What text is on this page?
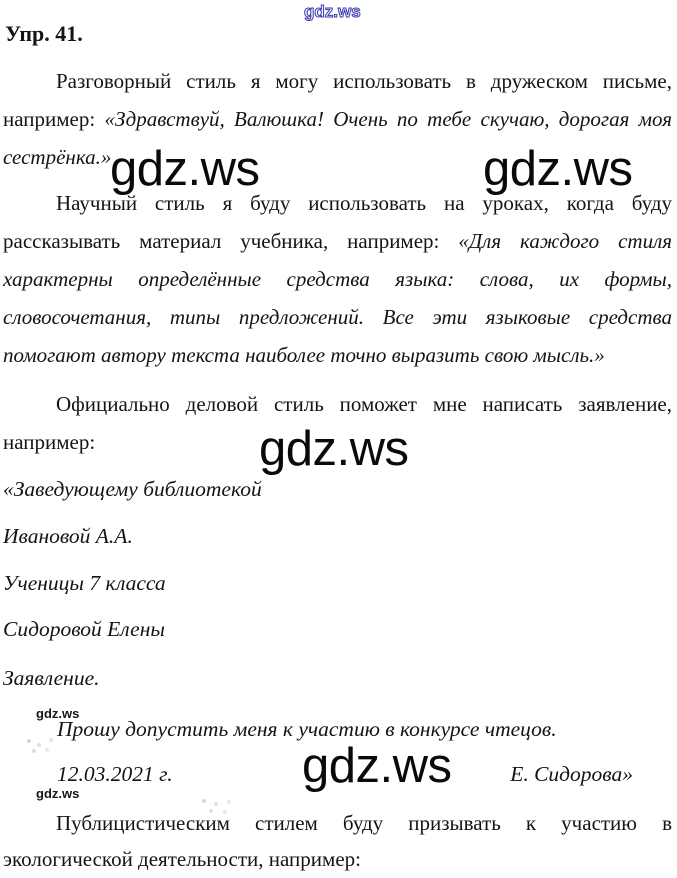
gdz.ws
Упр. 41.
Разговорный стиль я могу использовать в дружеском письме,
например: «Здравствуй, Валюшка! Очень по тебе скучаю, дорогая моя
сестрёнка.»
gdz.ws	gdz.ws
Научный стиль я буду использовать на уроках, когда буду
рассказывать материал учебника, например: «Для каждого стиля
характерны определённые средства языка: слова, их формы,
словосочетания, типы предложений. Все эти языковые средства
помогают автору текста наиболее точно выразить свою мысль.»
Официально деловой стиль поможет мне написать заявление,
например:	gdz.ws
«Заведующему библиотекой
Ивановой А.А.
Ученицы 7 класса
Сидоровой Елены
Заявление.
gdz.ws
Прошу допустить меня к участию в конкурсе чтецов.
gdz.ws
12.03.2021 г.	Е. Сидорова»
gdz.ws
Публицистическим стилем буду призывать к участию в
экологической деятельности, например:
